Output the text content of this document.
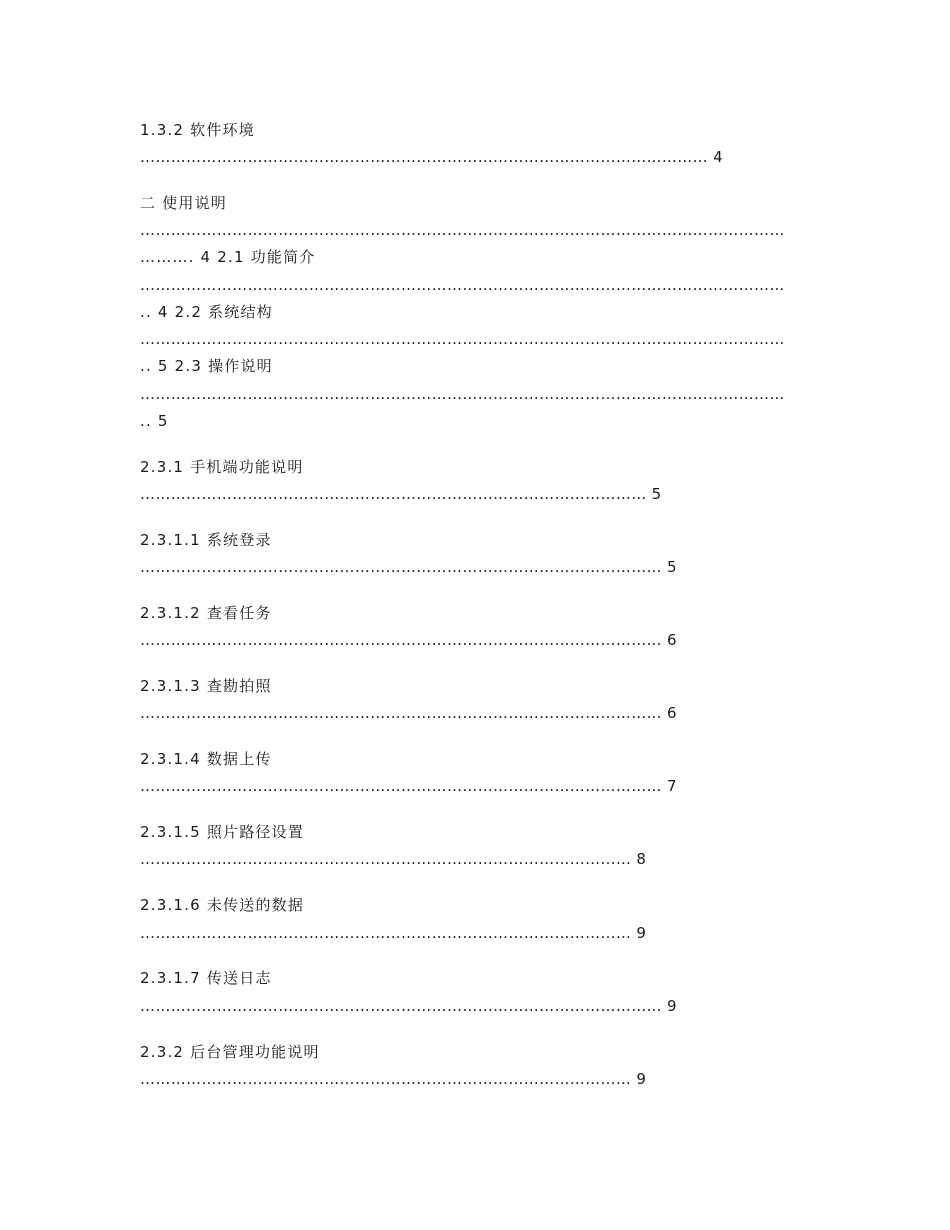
1.3.2 软件环境
………………………………………………………………………………………………… 4
二 使用说明
………………………………………………………………………………………………………………
………. 4 2.1 功能简介
………………………………………………………………………………………………………………
.. 4 2.2 系统结构
………………………………………………………………………………………………………………
.. 5 2.3 操作说明
………………………………………………………………………………………………………………
.. 5
2.3.1 手机端功能说明
……………………………………………………………………………………… 5
2.3.1.1 系统登录
………………………………………………………………………………………… 5
2.3.1.2 查看任务
………………………………………………………………………………………… 6
2.3.1.3 查勘拍照
………………………………………………………………………………………… 6
2.3.1.4 数据上传
………………………………………………………………………………………… 7
2.3.1.5 照片路径设置
…………………………………………………………………………………… 8
2.3.1.6 未传送的数据
…………………………………………………………………………………… 9
2.3.1.7 传送日志
………………………………………………………………………………………… 9
2.3.2 后台管理功能说明
…………………………………………………………………………………… 9
